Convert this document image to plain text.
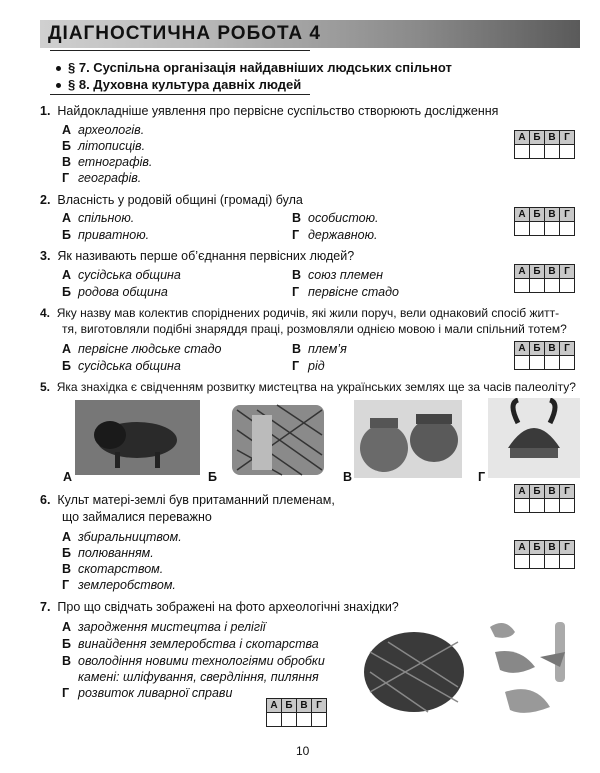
ДІАГНОСТИЧНА РОБОТА 4
§ 7. Суспільна організація найдавніших людських спільнот
§ 8. Духовна культура давніх людей
1. Найдокладніше уявлення про первісне суспільство створюють дослідження
А археологів.
Б літописців.
В етнографів.
Г географів.
А	Б	В	Г

2. Власність у родовій общині (громаді) була
А спільною.
Б приватною.
В особистою.
Г державною.
А	Б	В	Г

3. Як називають перше об’єднання первісних людей?
А сусідська община
Б родова община
В союз племен
Г первісне стадо
А	Б	В	Г

4. Яку назву мав колектив споріднених родичів, які жили поруч, вели однаковий спосіб житт-
тя, виготовляли подібні знаряддя праці, розмовляли однією мовою і мали спільний тотем?
А первісне людське стадо
Б сусідська община
В плем’я
Г рід
А	Б	В	Г

5. Яка знахідка є свідченням розвитку мистецтва на українських землях ще за часів палеоліту?
А	Б	В	Г
А	Б	В	Г

6. Культ матері-землі був притаманний племенам,
що займалися переважно
А збиральництвом.
Б полюванням.
В скотарством.
Г землеробством.
А	Б	В	Г

7. Про що свідчать зображені на фото археологічні знахідки?
А зародження мистецтва і релігії
Б винайдення землеробства і скотарства
В оволодіння новими технологіями обробки
камені: шліфування, свердління, пиляння
Г розвиток ливарної справи
А	Б	В	Г

10
